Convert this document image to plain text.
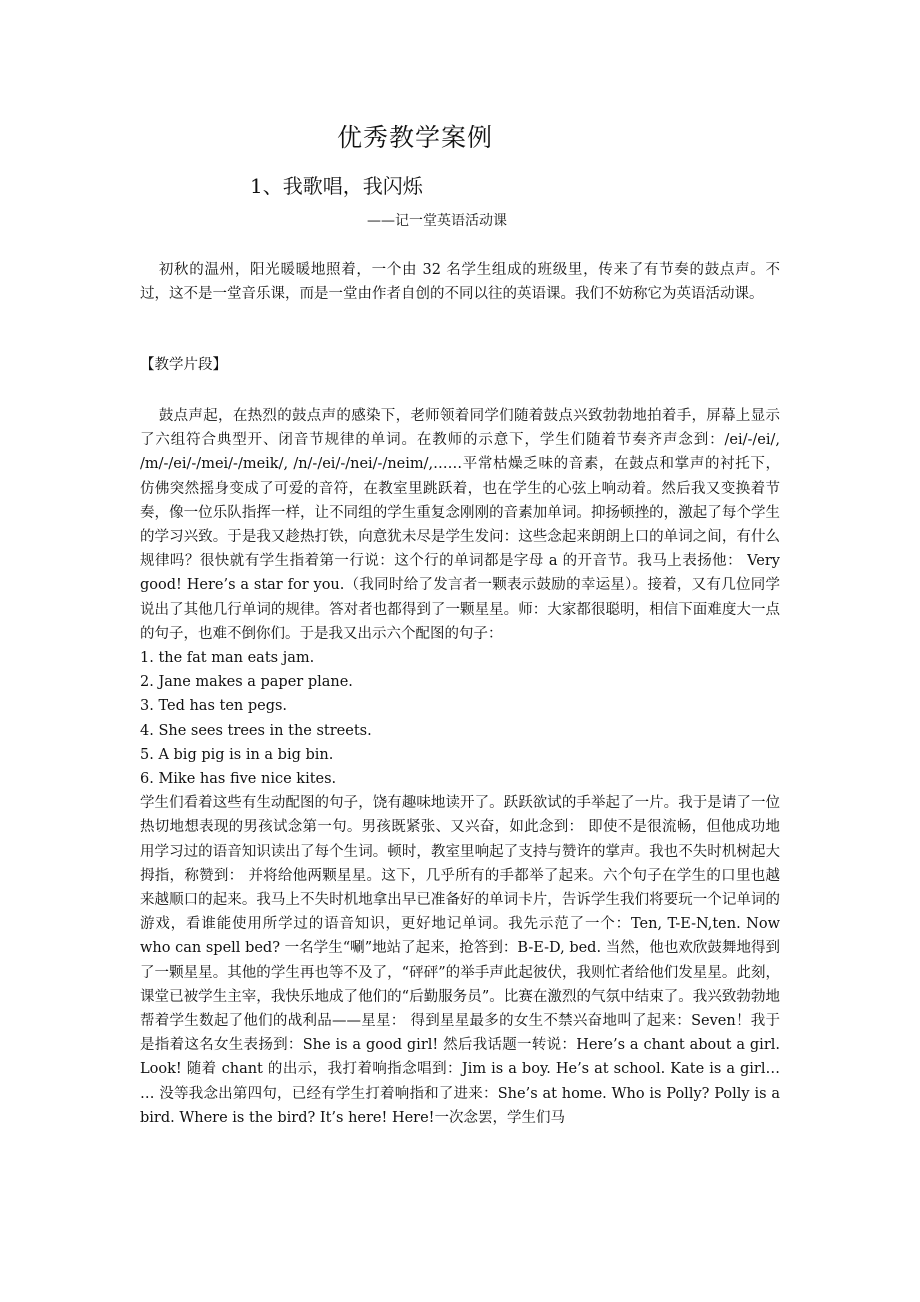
优秀教学案例
1、我歌唱，我闪烁
——记一堂英语活动课

初秋的温州，阳光暖暖地照着，一个由 32 名学生组成的班级里，传来了有节奏的鼓点声。不过，这不是一堂音乐课，而是一堂由作者自创的不同以往的英语课。我们不妨称它为英语活动课。

【教学片段】

鼓点声起，在热烈的鼓点声的感染下，老师领着同学们随着鼓点兴致勃勃地拍着手，屏幕上显示了六组符合典型开、闭音节规律的单词。在教师的示意下，学生们随着节奏齐声念到：/ei/-/ei/, /m/-/ei/-/mei/-/meik/, /n/-/ei/-/nei/-/neim/,……平常枯燥乏味的音素，在鼓点和掌声的衬托下，仿佛突然摇身变成了可爱的音符，在教室里跳跃着，也在学生的心弦上响动着。然后我又变换着节奏，像一位乐队指挥一样，让不同组的学生重复念刚刚的音素加单词。抑扬顿挫的，激起了每个学生的学习兴致。于是我又趁热打铁，向意犹未尽是学生发问：这些念起来朗朗上口的单词之间，有什么规律吗？很快就有学生指着第一行说：这个行的单词都是字母 a 的开音节。我马上表扬他： Very good! Here’s a star for you.（我同时给了发言者一颗表示鼓励的幸运星）。接着，又有几位同学说出了其他几行单词的规律。答对者也都得到了一颗星星。师：大家都很聪明，相信下面难度大一点的句子，也难不倒你们。于是我又出示六个配图的句子：

1. the fat man eats jam.
2. Jane makes a paper plane.
3. Ted has ten pegs.
4. She sees trees in the streets.
5. A big pig is in a big bin.
6. Mike has five nice kites.

学生们看着这些有生动配图的句子，饶有趣味地读开了。跃跃欲试的手举起了一片。我于是请了一位热切地想表现的男孩试念第一句。男孩既紧张、又兴奋，如此念到： 即使不是很流畅，但他成功地用学习过的语音知识读出了每个生词。顿时，教室里响起了支持与赞许的掌声。我也不失时机树起大拇指，称赞到： 并将给他两颗星星。这下，几乎所有的手都举了起来。六个句子在学生的口里也越来越顺口的起来。我马上不失时机地拿出早已准备好的单词卡片，告诉学生我们将要玩一个记单词的游戏，看谁能使用所学过的语音知识，更好地记单词。我先示范了一个：Ten, T-E-N,ten. Now who can spell bed? 一名学生“唰”地站了起来，抢答到：B-E-D, bed. 当然，他也欢欣鼓舞地得到了一颗星星。其他的学生再也等不及了，“砰砰”的举手声此起彼伏，我则忙者给他们发星星。此刻，课堂已被学生主宰，我快乐地成了他们的“后勤服务员”。比赛在激烈的气氛中结束了。我兴致勃勃地帮着学生数起了他们的战利品——星星： 得到星星最多的女生不禁兴奋地叫了起来：Seven！我于是指着这名女生表扬到：She is a good girl! 然后我话题一转说：Here’s a chant about a girl. Look! 随着 chant 的出示，我打着响指念唱到：Jim is a boy. He’s at school. Kate is a girl… … 没等我念出第四句，已经有学生打着响指和了进来：She’s at home. Who is Polly? Polly is a bird. Where is the bird? It’s here! Here!一次念罢，学生们马
